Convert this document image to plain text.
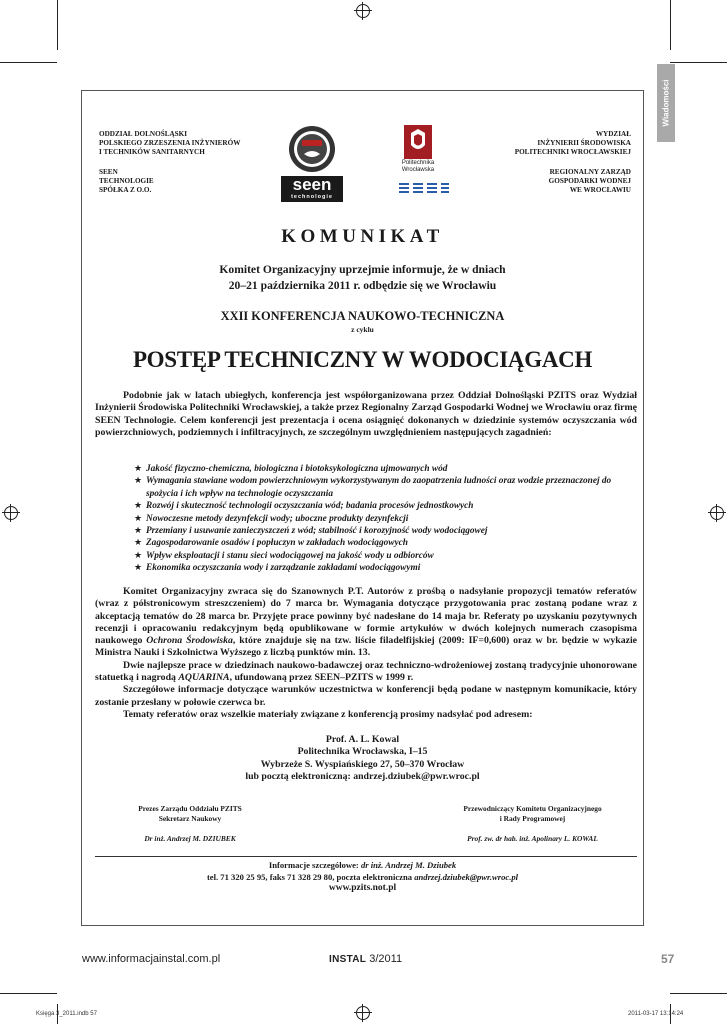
Wiadomości
ODDZIAŁ DOLNOŚLĄSKI
POLSKIEGO ZRZESZENIA INŻYNIERÓW
I TECHNIKÓW SANITARNYCH
SEEN
TECHNOLOGIE
SPÓŁKA Z O.O.
WYDZIAŁ
INŻYNIERII ŚRODOWISKA
POLITECHNIKI WROCŁAWSKIEJ
REGIONALNY ZARZĄD
GOSPODARKI WODNEJ
WE WROCŁAWIU
seen
technologie
Politechnika
Wrocławska
KOMUNIKAT
Komitet Organizacyjny uprzejmie informuje, że w dniach
20–21 października 2011 r. odbędzie się we Wrocławiu
XXII KONFERENCJA NAUKOWO-TECHNICZNA
z cyklu
POSTĘP TECHNICZNY W WODOCIĄGACH

Podobnie jak w latach ubiegłych, konferencja jest współorganizowana przez Oddział Dolnośląski PZITS oraz Wydział Inżynierii Środowiska Politechniki Wrocławskiej, a także przez Regionalny Zarząd Gospodarki Wodnej we Wrocławiu oraz firmę SEEN Technologie. Celem konferencji jest prezentacja i ocena osiągnięć dokonanych w dziedzinie systemów oczyszczania wód powierzchniowych, podziemnych i infiltracyjnych, ze szczególnym uwzględnieniem następujących zagadnień:

★ Jakość fizyczno-chemiczna, biologiczna i biotoksykologiczna ujmowanych wód
★ Wymagania stawiane wodom powierzchniowym wykorzystywanym do zaopatrzenia ludności oraz wodzie przeznaczonej do spożycia i ich wpływ na technologie oczyszczania
★ Rozwój i skuteczność technologii oczyszczania wód; badania procesów jednostkowych
★ Nowoczesne metody dezynfekcji wody; uboczne produkty dezynfekcji
★ Przemiany i usuwanie zanieczyszczeń z wód; stabilność i korozyjność wody wodociągowej
★ Zagospodarowanie osadów i popłuczyn w zakładach wodociągowych
★ Wpływ eksploatacji i stanu sieci wodociągowej na jakość wody u odbiorców
★ Ekonomika oczyszczania wody i zarządzanie zakładami wodociągowymi

Komitet Organizacyjny zwraca się do Szanownych P.T. Autorów z prośbą o nadsyłanie propozycji tematów referatów (wraz z półstronicowym streszczeniem) do 7 marca br. Wymagania dotyczące przygotowania prac zostaną podane wraz z akceptacją tematów do 28 marca br. Przyjęte prace powinny być nadesłane do 14 maja br. Referaty po uzyskaniu pozytywnych recenzji i opracowaniu redakcyjnym będą opublikowane w formie artykułów w dwóch kolejnych numerach czasopisma naukowego Ochrona Środowiska, które znajduje się na tzw. liście filadelfijskiej (2009: IF=0,600) oraz w br. będzie w wykazie Ministra Nauki i Szkolnictwa Wyższego z liczbą punktów min. 13.

Dwie najlepsze prace w dziedzinach naukowo-badawczej oraz techniczno-wdrożeniowej zostaną tradycyjnie uhonorowane statuetką i nagrodą AQUARINA, ufundowaną przez SEEN–PZITS w 1999 r.

Szczegółowe informacje dotyczące warunków uczestnictwa w konferencji będą podane w następnym komunikacie, który zostanie przesłany w połowie czerwca br.

Tematy referatów oraz wszelkie materiały związane z konferencją prosimy nadsyłać pod adresem:

Prof. A. L. Kowal
Politechnika Wrocławska, I–15
Wybrzeże S. Wyspiańskiego 27, 50–370 Wrocław
lub pocztą elektroniczną: andrzej.dziubek@pwr.wroc.pl
Prezes Zarządu Oddziału PZITS
Sekretarz Naukowy
Dr inż. Andrzej M. DZIUBEK
Przewodniczący Komitetu Organizacyjnego
i Rady Programowej
Prof. zw. dr hab. inż. Apolinary L. KOWAL
Informacje szczegółowe: dr inż. Andrzej M. Dziubek
tel. 71 320 25 95, faks 71 328 29 80, poczta elektroniczna andrzej.dziubek@pwr.wroc.pl
www.pzits.not.pl
www.informacjainstal.com.pl	INSTAL 3/2011	57
Księga 3_2011.indb 57	2011-03-17 13:14:24
